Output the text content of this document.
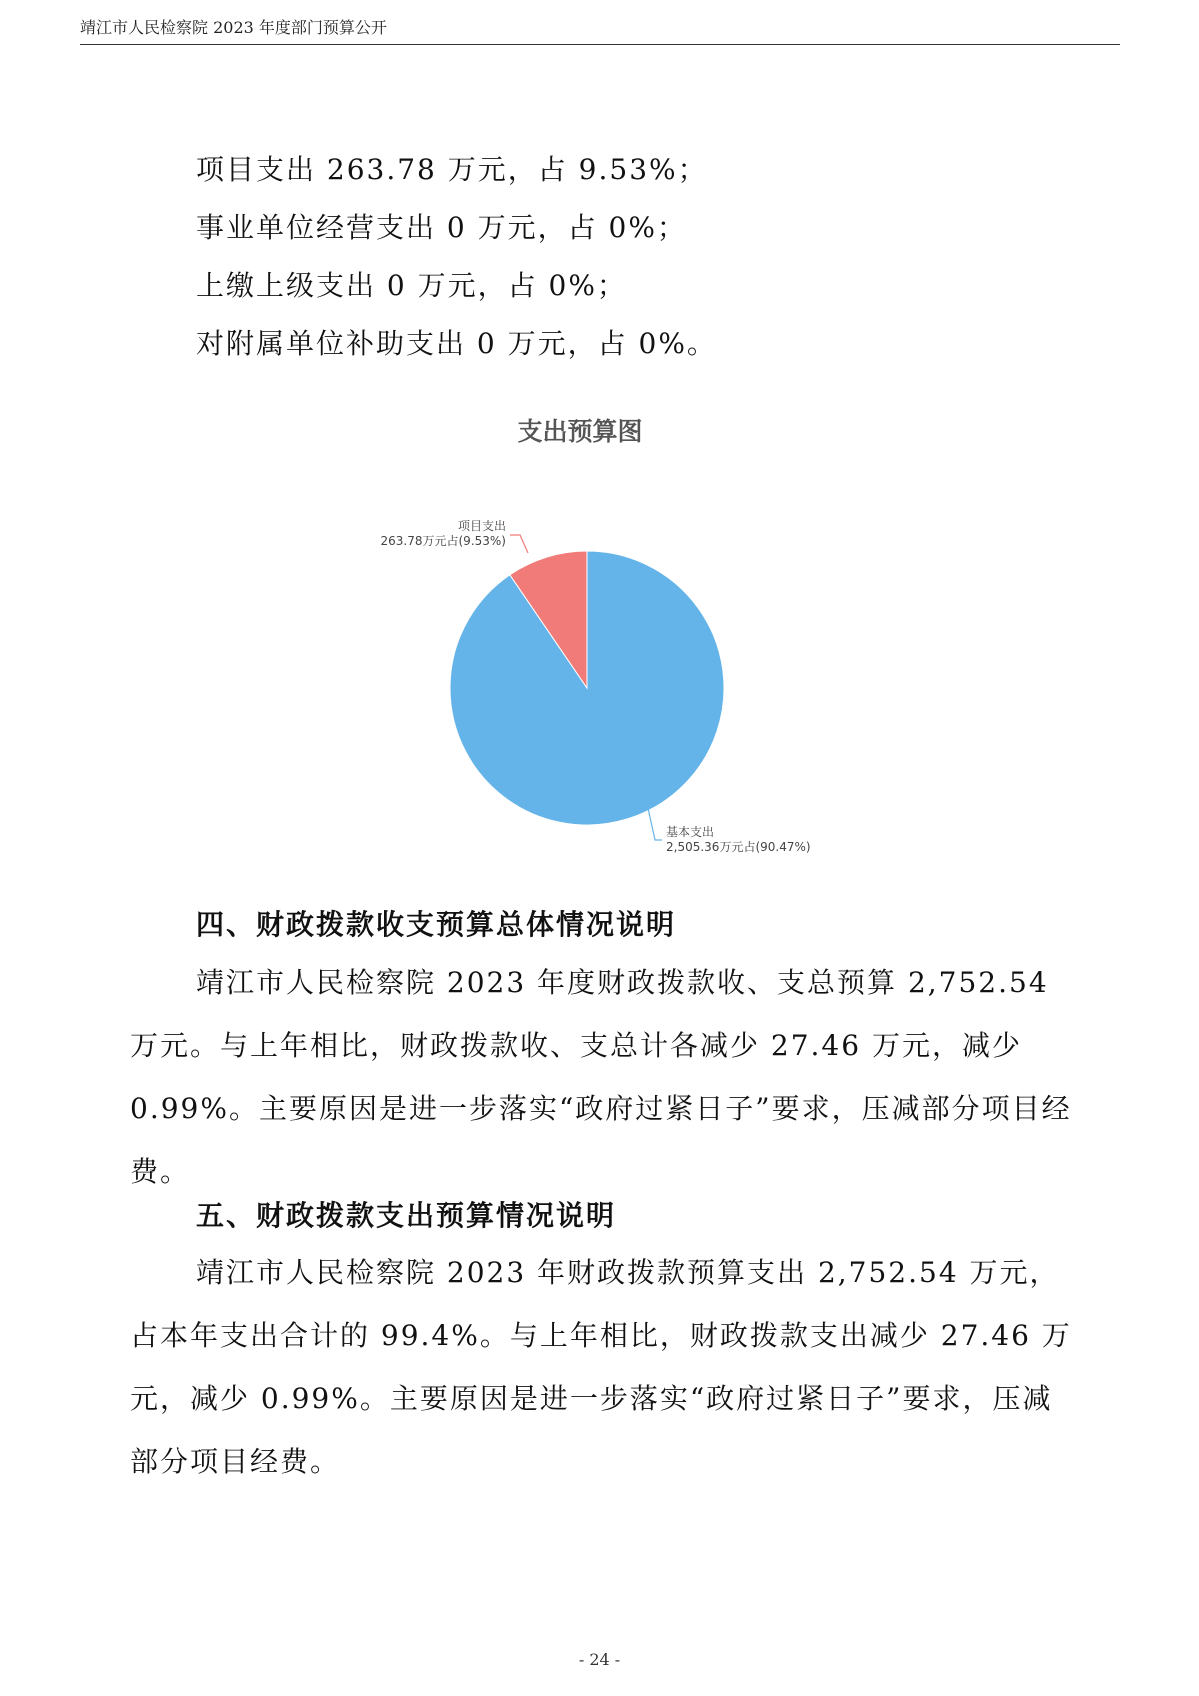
靖江市人民检察院 2023 年度部门预算公开
项目支出 263.78 万元，占 9.53%；
事业单位经营支出 0 万元，占 0%；
上缴上级支出 0 万元，占 0%；
对附属单位补助支出 0 万元，占 0%。
支出预算图
项目支出
263.78万元占(9.53%)
基本支出
2,505.36万元占(90.47%)
四、财政拨款收支预算总体情况说明

靖江市人民检察院 2023 年度财政拨款收、支总预算 2,752.54 万元。与上年相比，财政拨款收、支总计各减少 27.46 万元，减少 0.99%。主要原因是进一步落实“政府过紧日子”要求，压减部分项目经费。

五、财政拨款支出预算情况说明

靖江市人民检察院 2023 年财政拨款预算支出 2,752.54 万元，占本年支出合计的 99.4%。与上年相比，财政拨款支出减少 27.46 万元，减少 0.99%。主要原因是进一步落实“政府过紧日子”要求，压减部分项目经费。

- 24 -
